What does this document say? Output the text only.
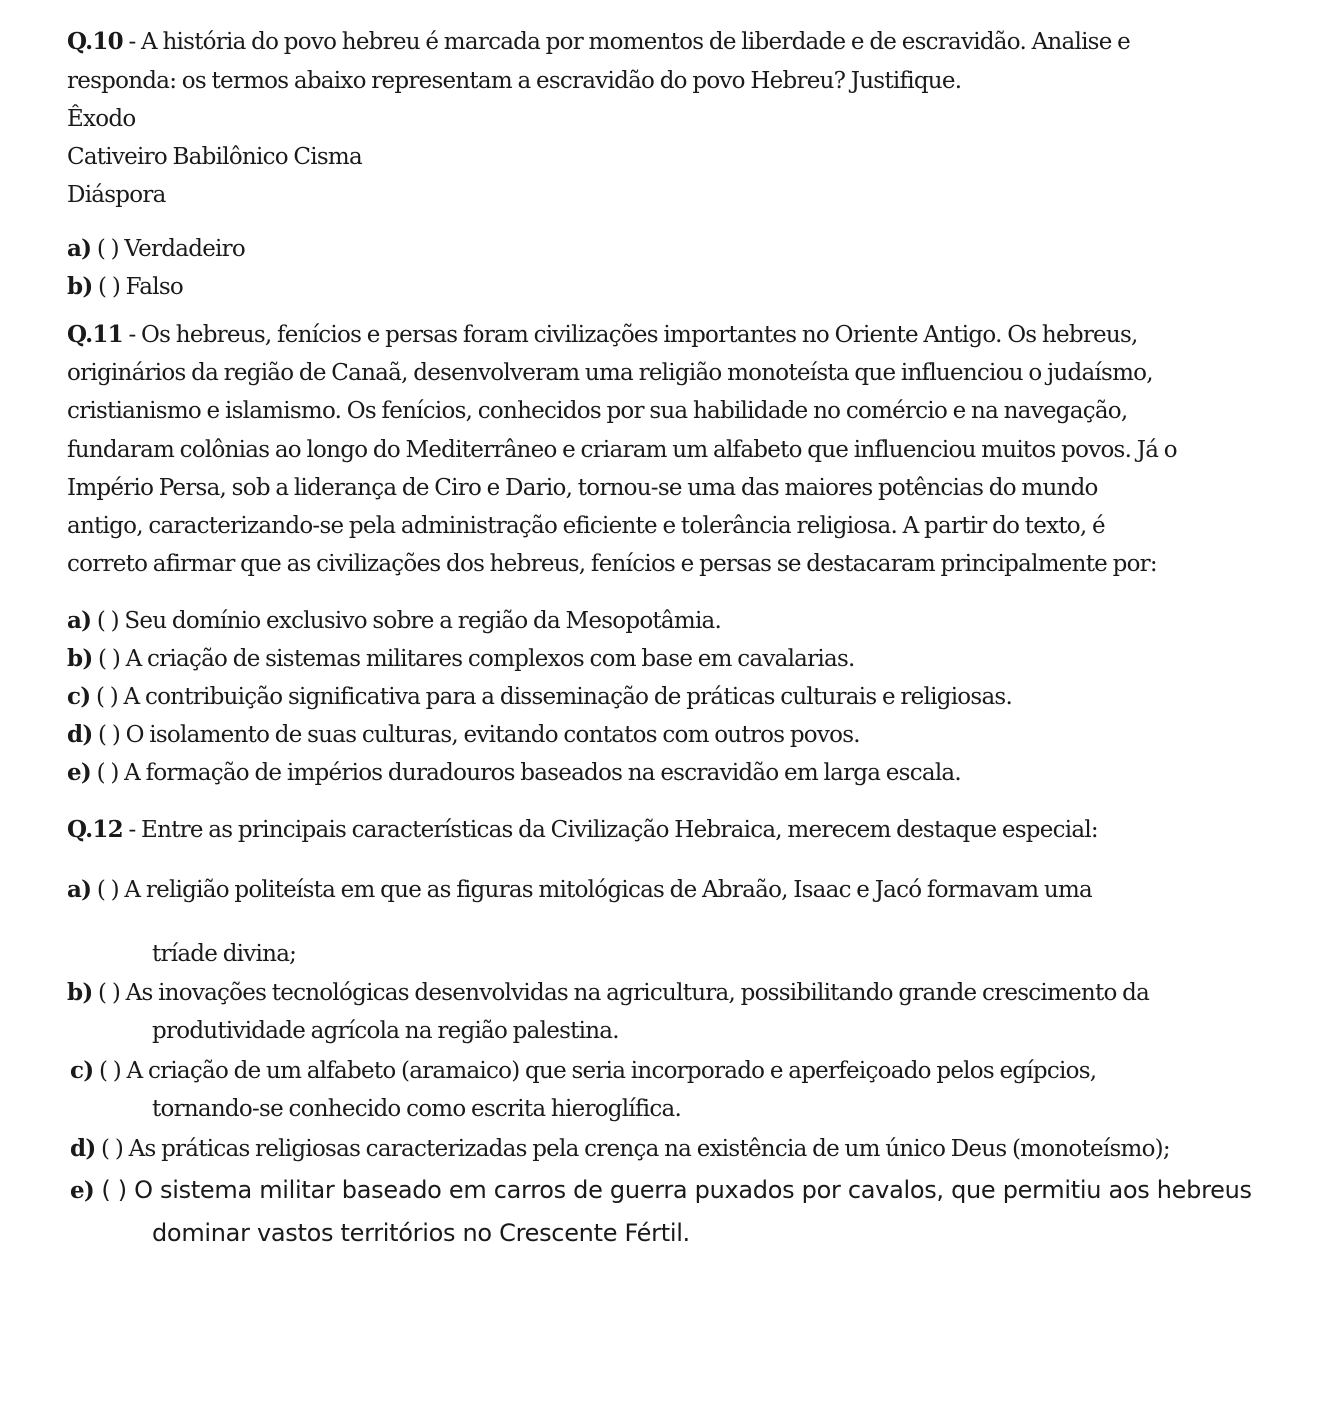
Q.10 - A história do povo hebreu é marcada por momentos de liberdade e de escravidão. Analise e
responda: os termos abaixo representam a escravidão do povo Hebreu? Justifique.
Êxodo
Cativeiro Babilônico Cisma
Diáspora
a) ( ) Verdadeiro
b) ( ) Falso
Q.11 - Os hebreus, fenícios e persas foram civilizações importantes no Oriente Antigo. Os hebreus,
originários da região de Canaã, desenvolveram uma religião monoteísta que influenciou o judaísmo,
cristianismo e islamismo. Os fenícios, conhecidos por sua habilidade no comércio e na navegação,
fundaram colônias ao longo do Mediterrâneo e criaram um alfabeto que influenciou muitos povos. Já o
Império Persa, sob a liderança de Ciro e Dario, tornou-se uma das maiores potências do mundo
antigo, caracterizando-se pela administração eficiente e tolerância religiosa. A partir do texto, é
correto afirmar que as civilizações dos hebreus, fenícios e persas se destacaram principalmente por:
a) ( ) Seu domínio exclusivo sobre a região da Mesopotâmia.
b) ( ) A criação de sistemas militares complexos com base em cavalarias.
c) ( ) A contribuição significativa para a disseminação de práticas culturais e religiosas.
d) ( ) O isolamento de suas culturas, evitando contatos com outros povos.
e) ( ) A formação de impérios duradouros baseados na escravidão em larga escala.
Q.12 - Entre as principais características da Civilização Hebraica, merecem destaque especial:
a) ( ) A religião politeísta em que as figuras mitológicas de Abraão, Isaac e Jacó formavam uma
tríade divina;
b) ( ) As inovações tecnológicas desenvolvidas na agricultura, possibilitando grande crescimento da
produtividade agrícola na região palestina.
c) ( ) A criação de um alfabeto (aramaico) que seria incorporado e aperfeiçoado pelos egípcios,
tornando-se conhecido como escrita hieroglífica.
d) ( ) As práticas religiosas caracterizadas pela crença na existência de um único Deus (monoteísmo);
e) ( ) O sistema militar baseado em carros de guerra puxados por cavalos, que permitiu aos hebreus
dominar vastos territórios no Crescente Fértil.
